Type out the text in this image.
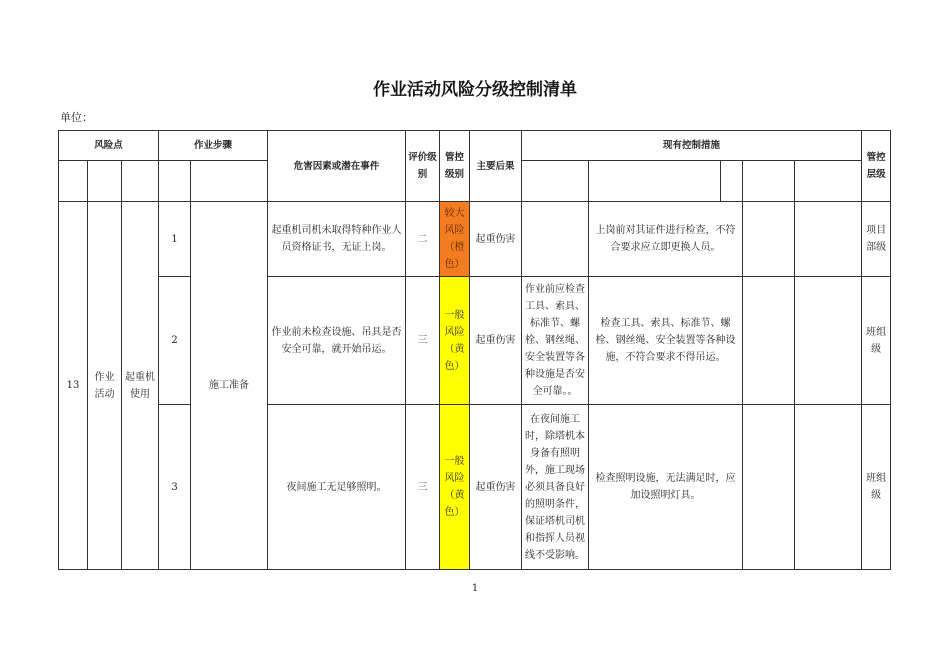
作业活动风险分级控制清单
单位：
风险点			作业步骤		危害因素或潜在事件	评价级别	管控级别	主要后果	现有控制措施					管控层级

13	作业活动	起重机使用	1	施工准备	起重机司机未取得特种作业人员资格证书，无证上岗。	二	较大风险（橙色）	起重伤害		上岗前对其证件进行检查，不符合要求应立即更换人员。				项目部级
			2		作业前未检查设施、吊具是否安全可靠，就开始吊运。	三	一般风险（黄色）	起重伤害	作业前应检查工具、索具、标准节、螺栓、钢丝绳、安全装置等各种设施是否安全可靠。。	检查工具、索具、标准节、螺栓、钢丝绳、安全装置等各种设施，不符合要求不得吊运。				班组级
			3		夜间施工无足够照明。	三	一般风险（黄色）	起重伤害	在夜间施工时，除塔机本身备有照明外，施工现场必须具备良好的照明条件，保证塔机司机和指挥人员视线不受影响。	检查照明设施，无法满足时，应加设照明灯具。				班组级
1
